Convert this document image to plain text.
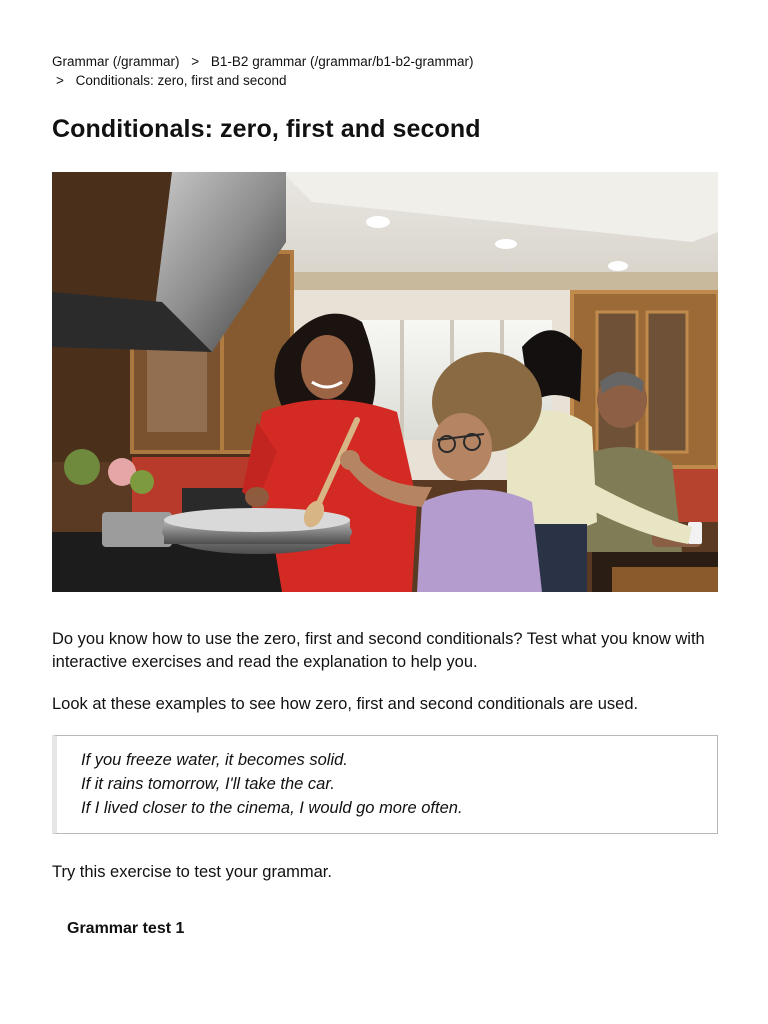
Grammar (/grammar) > B1-B2 grammar (/grammar/b1-b2-grammar)
> Conditionals: zero, first and second
Conditionals: zero, first and second

Do you know how to use the zero, first and second conditionals? Test what you know with interactive exercises and read the explanation to help you.

Look at these examples to see how zero, first and second conditionals are used.

If you freeze water, it becomes solid.
If it rains tomorrow, I'll take the car.
If I lived closer to the cinema, I would go more often.
Try this exercise to test your grammar.
Grammar test 1
